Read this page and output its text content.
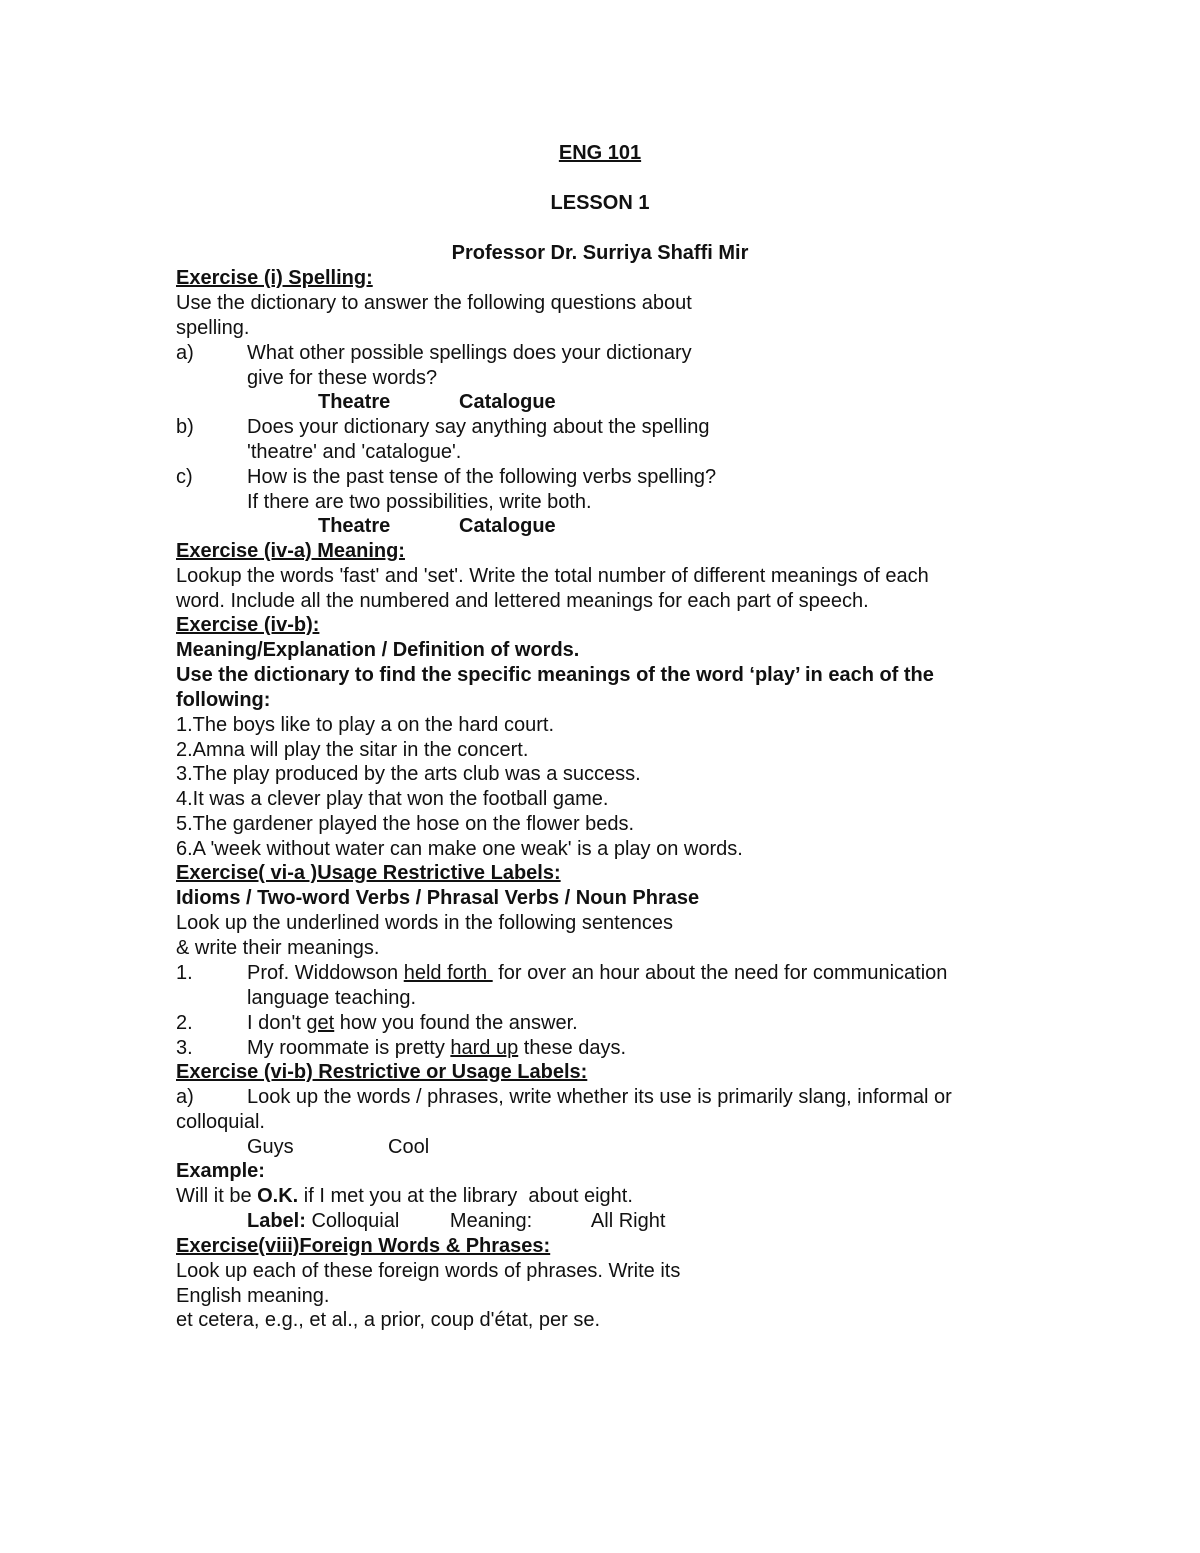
ENG 101
LESSON 1
Professor Dr. Surriya Shaffi Mir
Exercise (i) Spelling:
Use the dictionary to answer the following questions about
spelling.
a)	What other possible spellings does your dictionary
give for these words?
Theatre	Catalogue
b)	Does your dictionary say anything about the spelling
'theatre' and 'catalogue'.
c)	How is the past tense of the following verbs spelling?
If there are two possibilities, write both.
Theatre	Catalogue
Exercise (iv-a) Meaning:
Lookup the words 'fast' and 'set'. Write the total number of different meanings of each
word. Include all the numbered and lettered meanings for each part of speech.
Exercise (iv-b):
Meaning/Explanation / Definition of words.
Use the dictionary to find the specific meanings of the word ‘play’ in each of the
following:
1.The boys like to play a on the hard court.
2.Amna will play the sitar in the concert.
3.The play produced by the arts club was a success.
4.It was a clever play that won the football game.
5.The gardener played the hose on the flower beds.
6.A 'week without water can make one weak' is a play on words.
Exercise( vi-a )Usage Restrictive Labels:
Idioms / Two-word Verbs / Phrasal Verbs / Noun Phrase
Look up the underlined words in the following sentences
& write their meanings.
1.	Prof. Widdowson held forth  for over an hour about the need for communication
language teaching.
2.	I don't get how you found the answer.
3.	My roommate is pretty hard up these days.
Exercise (vi-b) Restrictive or Usage Labels:
a)	Look up the words / phrases, write whether its use is primarily slang, informal or
colloquial.
Guys	Cool
Example:
Will it be O.K. if I met you at the library  about eight.
Label: Colloquial	Meaning:	All Right
Exercise(viii)Foreign Words & Phrases:
Look up each of these foreign words of phrases. Write its
English meaning.
et cetera, e.g., et al., a prior, coup d'état, per se.
